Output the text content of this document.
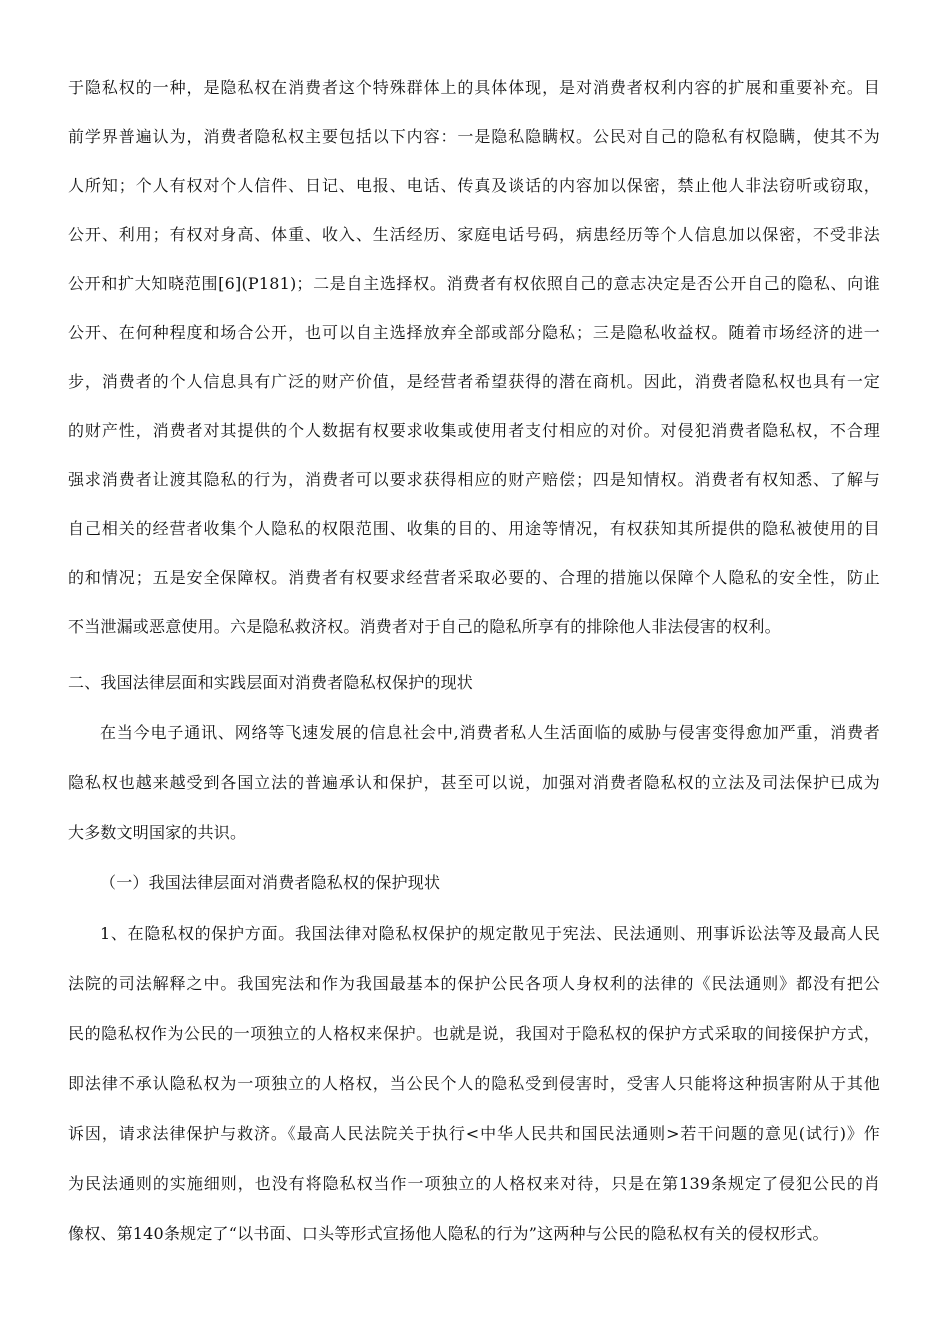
于隐私权的一种，是隐私权在消费者这个特殊群体上的具体体现，是对消费者权利内容的扩展和重要补充。目
前学界普遍认为，消费者隐私权主要包括以下内容：一是隐私隐瞒权。公民对自己的隐私有权隐瞒，使其不为
人所知；个人有权对个人信件、日记、电报、电话、传真及谈话的内容加以保密，禁止他人非法窃听或窃取，
公开、利用；有权对身高、体重、收入、生活经历、家庭电话号码，病患经历等个人信息加以保密，不受非法
公开和扩大知晓范围[6](P181)；二是自主选择权。消费者有权依照自己的意志决定是否公开自己的隐私、向谁
公开、在何种程度和场合公开，也可以自主选择放弃全部或部分隐私；三是隐私收益权。随着市场经济的进一
步，消费者的个人信息具有广泛的财产价值，是经营者希望获得的潜在商机。因此，消费者隐私权也具有一定
的财产性，消费者对其提供的个人数据有权要求收集或使用者支付相应的对价。对侵犯消费者隐私权，不合理
强求消费者让渡其隐私的行为，消费者可以要求获得相应的财产赔偿；四是知情权。消费者有权知悉、了解与
自己相关的经营者收集个人隐私的权限范围、收集的目的、用途等情况，有权获知其所提供的隐私被使用的目
的和情况；五是安全保障权。消费者有权要求经营者采取必要的、合理的措施以保障个人隐私的安全性，防止
不当泄漏或恶意使用。六是隐私救济权。消费者对于自己的隐私所享有的排除他人非法侵害的权利。
二、我国法律层面和实践层面对消费者隐私权保护的现状
在当今电子通讯、网络等飞速发展的信息社会中,消费者私人生活面临的威胁与侵害变得愈加严重，消费者
隐私权也越来越受到各国立法的普遍承认和保护，甚至可以说，加强对消费者隐私权的立法及司法保护已成为
大多数文明国家的共识。
（一）我国法律层面对消费者隐私权的保护现状
1、在隐私权的保护方面。我国法律对隐私权保护的规定散见于宪法、民法通则、刑事诉讼法等及最高人民
法院的司法解释之中。我国宪法和作为我国最基本的保护公民各项人身权利的法律的《民法通则》都没有把公
民的隐私权作为公民的一项独立的人格权来保护。也就是说，我国对于隐私权的保护方式采取的间接保护方式，
即法律不承认隐私权为一项独立的人格权，当公民个人的隐私受到侵害时，受害人只能将这种损害附从于其他
诉因，请求法律保护与救济。《最高人民法院关于执行<中华人民共和国民法通则>若干问题的意见(试行)》作
为民法通则的实施细则，也没有将隐私权当作一项独立的人格权来对待，只是在第139条规定了侵犯公民的肖
像权、第140条规定了“以书面、口头等形式宣扬他人隐私的行为”这两种与公民的隐私权有关的侵权形式。
